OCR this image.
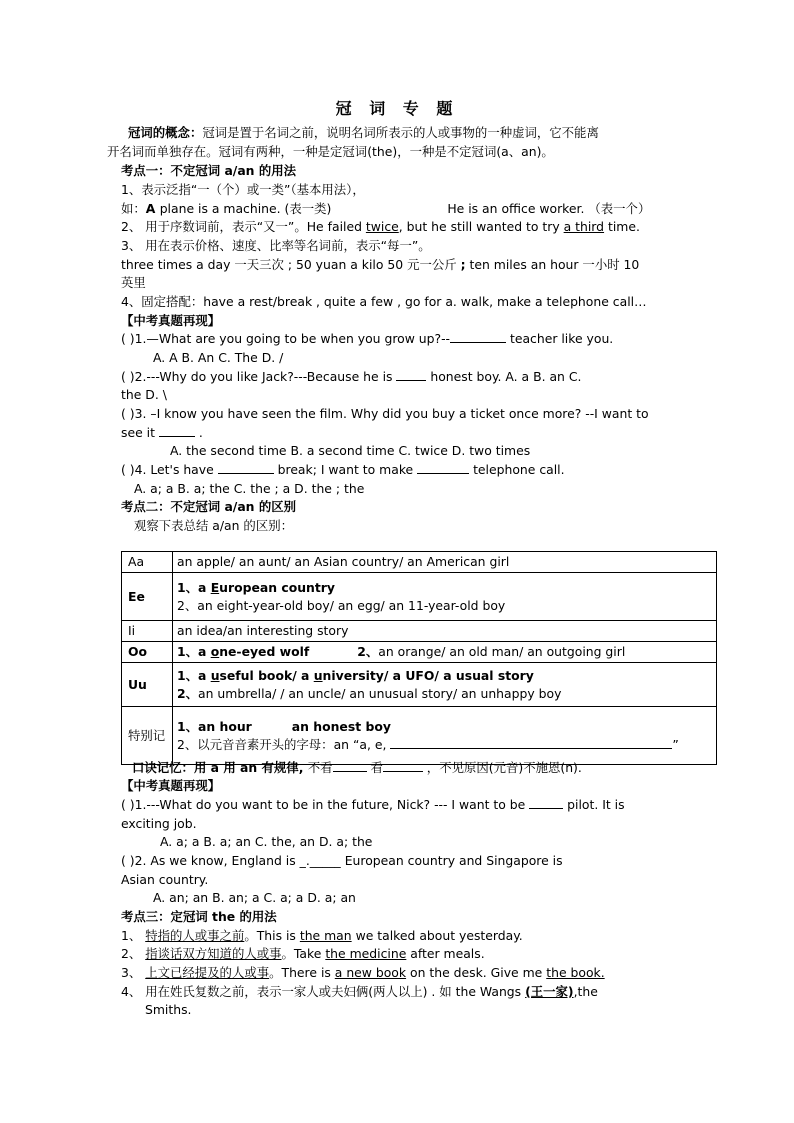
冠 词 专 题
冠词的概念：冠词是置于名词之前，说明名词所表示的人或事物的一种虚词，它不能离
开名词而单独存在。冠词有两种，一种是定冠词(the)，一种是不定冠词(a、an)。
考点一：不定冠词 a/an 的用法
1、表示泛指“一（个）或一类”（基本用法），
如：A plane is a machine. (表一类)	He is an office worker. （表一个）
2、 用于序数词前，表示“又一”。He failed twice, but he still wanted to try a third time.
3、 用在表示价格、速度、比率等名词前，表示“每一”。
three times a day 一天三次 ; 50 yuan a kilo 50 元一公斤 ; ten miles an hour 一小时 10
英里
4、固定搭配：have a rest/break , quite a few , go for a. walk, make a telephone call…
【中考真题再现】
( )1.—What are you going to be when you grow up?--	teacher like you.
A. A B. An C. The D. /
( )2.---Why do you like Jack?---Because he is  honest boy. A. a B. an C.
the D. \
( )3. –I know you have seen the film. Why did you buy a ticket once more? --I want to
see it	.
A. the second time B. a second time C. twice D. two times
( )4. Let's have	break; I want to make	telephone call.
A. a; a B. a; the C. the ; a D. the ; the
考点二：不定冠词 a/an 的区别
观察下表总结 a/an 的区别：
口诀记忆：用 a 用 an 有规律, 不看	看	，不见原因(元音)不施恩(n).
【中考真题再现】
( )1.---What do you want to be in the future, Nick? --- I want to be	pilot. It is
exciting job.
A. a; a B. a; an C. the, an D. a; the
( )2. As we know, England is _._____ European country and Singapore is
Asian country.
A. an; an B. an; a C. a; a D. a; an
考点三：定冠词 the 的用法
1、 特指的人或事之前。This is the man we talked about yesterday.
2、 指谈话双方知道的人或事。Take the medicine after meals.
3、 上文已经提及的人或事。There is a new book on the desk. Give me the book.
4、 用在姓氏复数之前，表示一家人或夫妇俩(两人以上) . 如 the Wangs (王一家),the
Smiths.
Aa	an apple/ an aunt/ an Asian country/ an American girl

Ee	1、a European country
2、an eight-year-old boy/ an egg/ an 11-year-old boy

Ii	an idea/an interesting story

Oo	1、a one-eyed wolf 2、an orange/ an old man/ an outgoing girl

Uu	1、a useful book/ a university/ a UFO/ a usual story
2、an umbrella/ / an uncle/ an unusual story/ an unhappy boy

特别记	1、an hour an honest boy
2、以元音音素开头的字母：an “a, e, ”
